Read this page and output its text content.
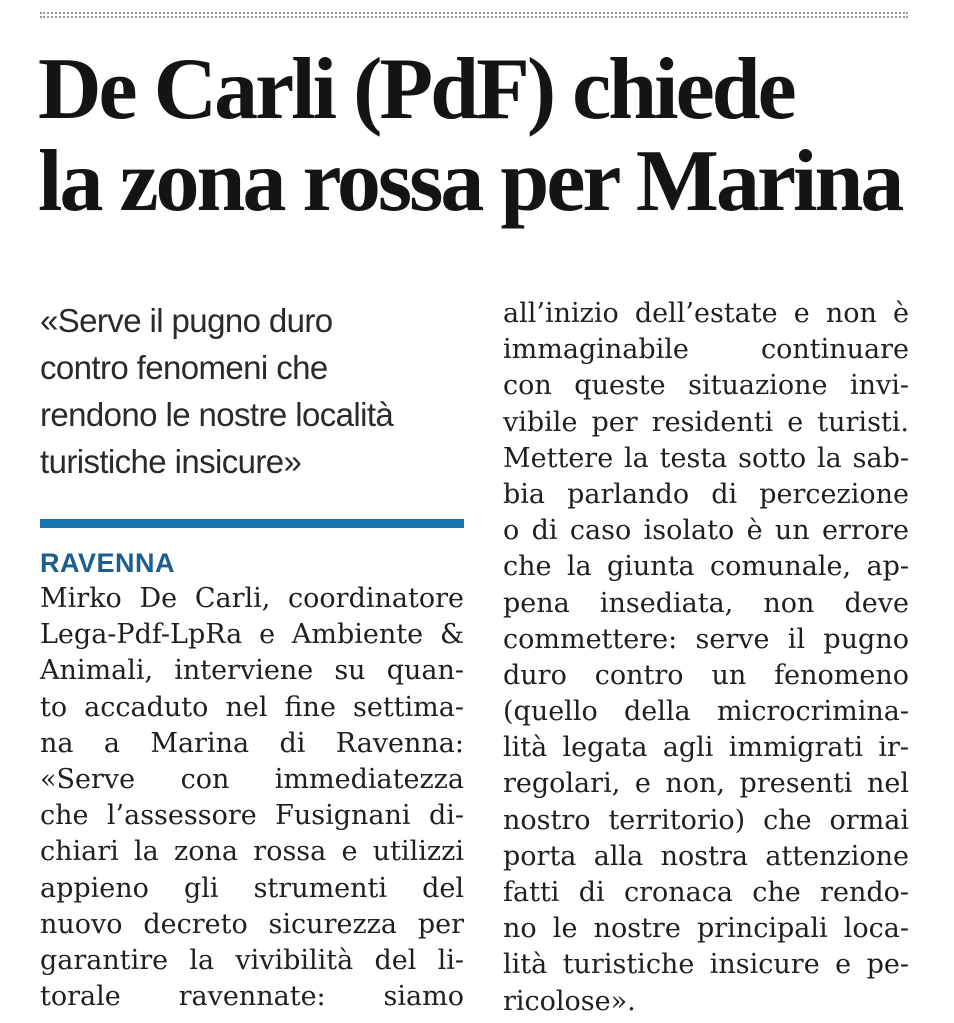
De Carli (PdF) chiede
la zona rossa per Marina

«Serve il pugno duro
contro fenomeni che
rendono le nostre località
turistiche insicure»

RAVENNA
Mirko De Carli, coordinatore
Lega-Pdf-LpRa e Ambiente &
Animali, interviene su quan-
to accaduto nel fine settima-
na a Marina di Ravenna:
«Serve con immediatezza
che l’assessore Fusignani di-
chiari la zona rossa e utilizzi
appieno gli strumenti del
nuovo decreto sicurezza per
garantire la vivibilità del li-
torale ravennate: siamo
all’inizio dell’estate e non è
immaginabile continuare
con queste situazione invi-
vibile per residenti e turisti.
Mettere la testa sotto la sab-
bia parlando di percezione
o di caso isolato è un errore
che la giunta comunale, ap-
pena insediata, non deve
commettere: serve il pugno
duro contro un fenomeno
(quello della microcrimina-
lità legata agli immigrati ir-
regolari, e non, presenti nel
nostro territorio) che ormai
porta alla nostra attenzione
fatti di cronaca che rendo-
no le nostre principali loca-
lità turistiche insicure e pe-
ricolose».
